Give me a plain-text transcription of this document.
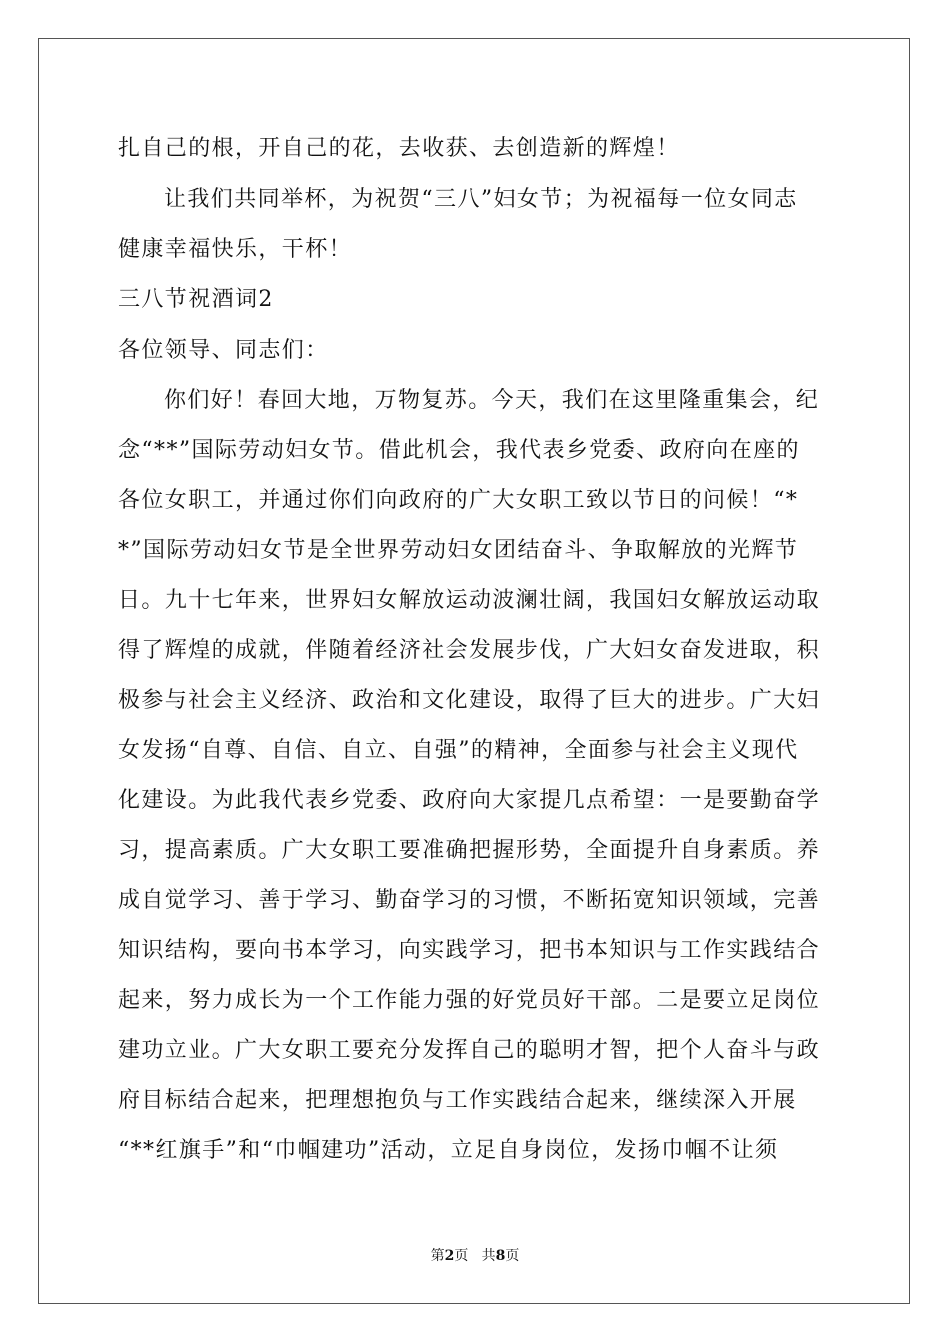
扎自己的根，开自己的花，去收获、去创造新的辉煌！
让我们共同举杯，为祝贺“三八”妇女节；为祝福每一位女同志
健康幸福快乐，干杯！
三八节祝酒词2
各位领导、同志们：
你们好！春回大地，万物复苏。今天，我们在这里隆重集会，纪
念“**”国际劳动妇女节。借此机会，我代表乡党委、政府向在座的
各位女职工，并通过你们向政府的广大女职工致以节日的问候！“*
*”国际劳动妇女节是全世界劳动妇女团结奋斗、争取解放的光辉节
日。九十七年来，世界妇女解放运动波澜壮阔，我国妇女解放运动取
得了辉煌的成就，伴随着经济社会发展步伐，广大妇女奋发进取，积
极参与社会主义经济、政治和文化建设，取得了巨大的进步。广大妇
女发扬“自尊、自信、自立、自强”的精神，全面参与社会主义现代
化建设。为此我代表乡党委、政府向大家提几点希望：一是要勤奋学
习，提高素质。广大女职工要准确把握形势，全面提升自身素质。养
成自觉学习、善于学习、勤奋学习的习惯，不断拓宽知识领域，完善
知识结构，要向书本学习，向实践学习，把书本知识与工作实践结合
起来，努力成长为一个工作能力强的好党员好干部。二是要立足岗位
建功立业。广大女职工要充分发挥自己的聪明才智，把个人奋斗与政
府目标结合起来，把理想抱负与工作实践结合起来，继续深入开展
“**红旗手”和“巾帼建功”活动，立足自身岗位，发扬巾帼不让须
第2页 共8页
